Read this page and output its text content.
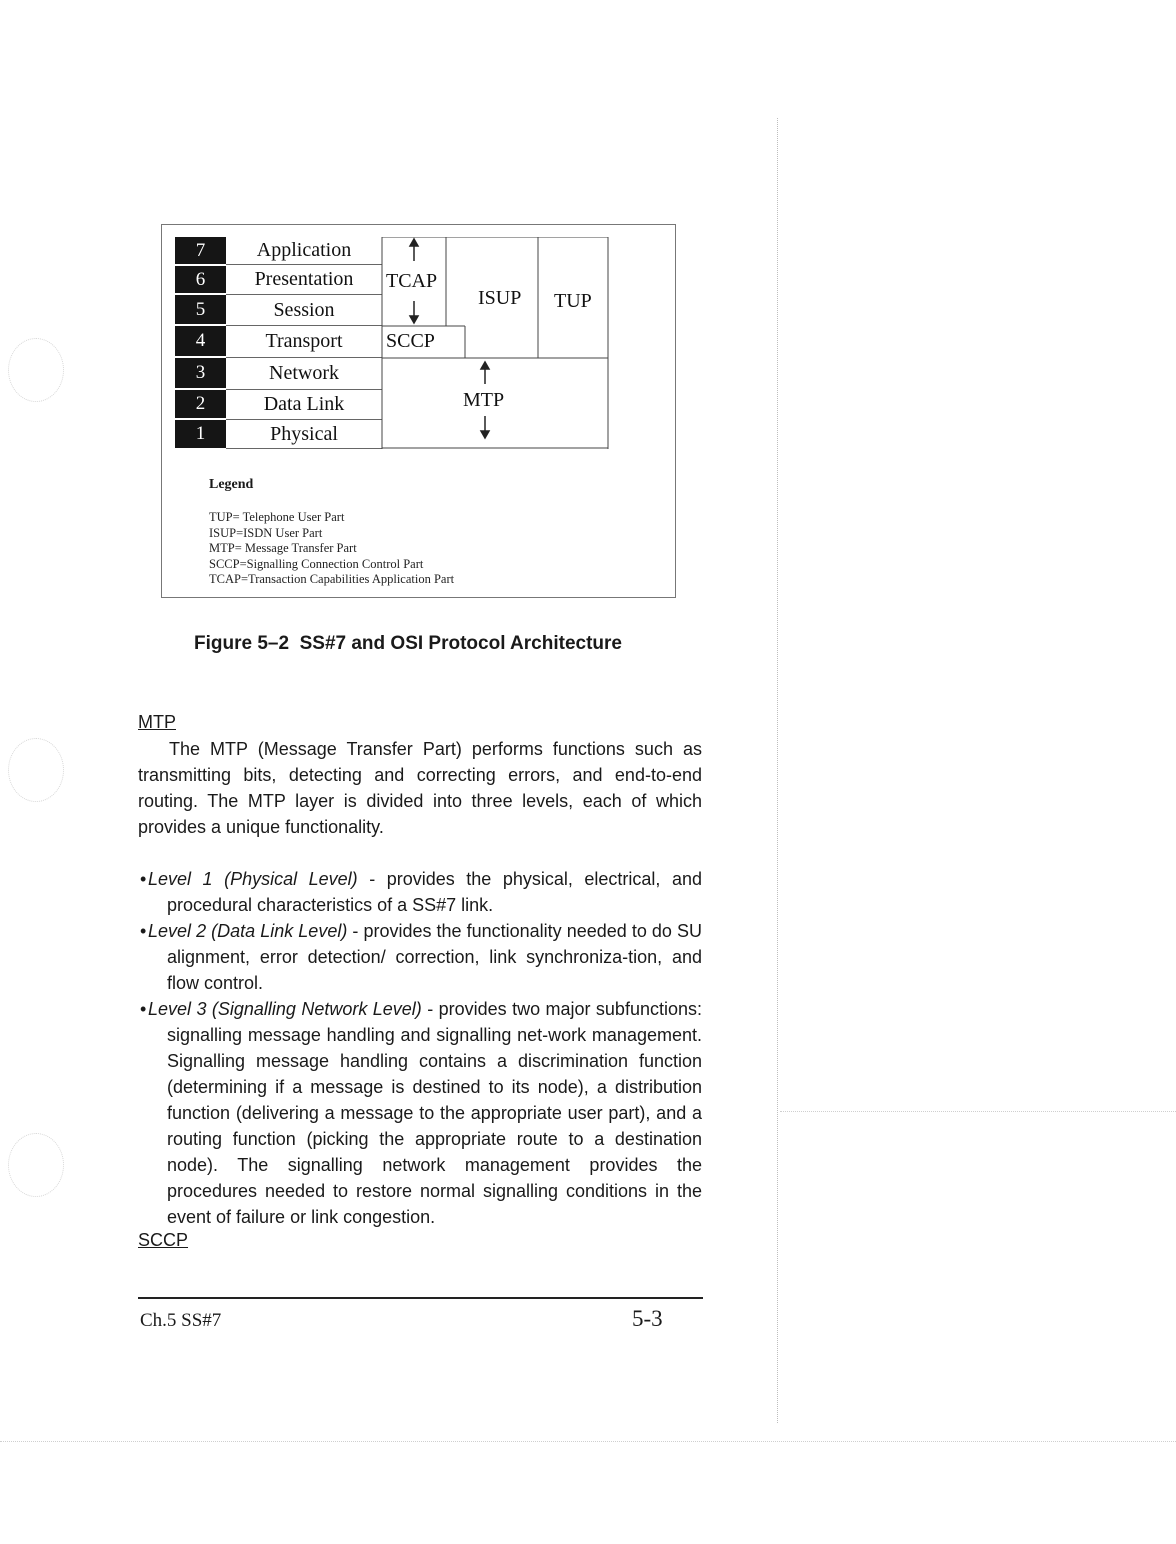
7
6
5
4
3
2
1
Application
Presentation
Session
Transport
Network
Data Link
Physical
TCAP
SCCP
ISUP TUP
MTP
Legend
TUP= Telephone User Part
ISUP=ISDN User Part
MTP= Message Transfer Part
SCCP=Signalling Connection Control Part
TCAP=Transaction Capabilities Application Part
Figure 5–2  SS#7 and OSI Protocol Architecture
MTP

The MTP (Message Transfer Part) performs functions such as transmitting bits, detecting and correcting errors, and end-to-end routing. The MTP layer is divided into three levels, each of which provides a unique functionality.

•Level 1 (Physical Level) - provides the physical, electrical, and procedural characteristics of a SS#7 link.
•Level 2 (Data Link Level) - provides the functionality needed to do SU alignment, error detection/ correction, link synchroniza-tion, and flow control.
•Level 3 (Signalling Network Level) - provides two major subfunctions: signalling message handling and signalling net-work management. Signalling message handling contains a discrimination function (determining if a message is destined to its node), a distribution function (delivering a message to the appropriate user part), and a routing function (picking the appropriate route to a destination node). The signalling network management provides the procedures needed to restore normal signalling conditions in the event of failure or link congestion.
SCCP
Ch.5 SS#7	5-3
